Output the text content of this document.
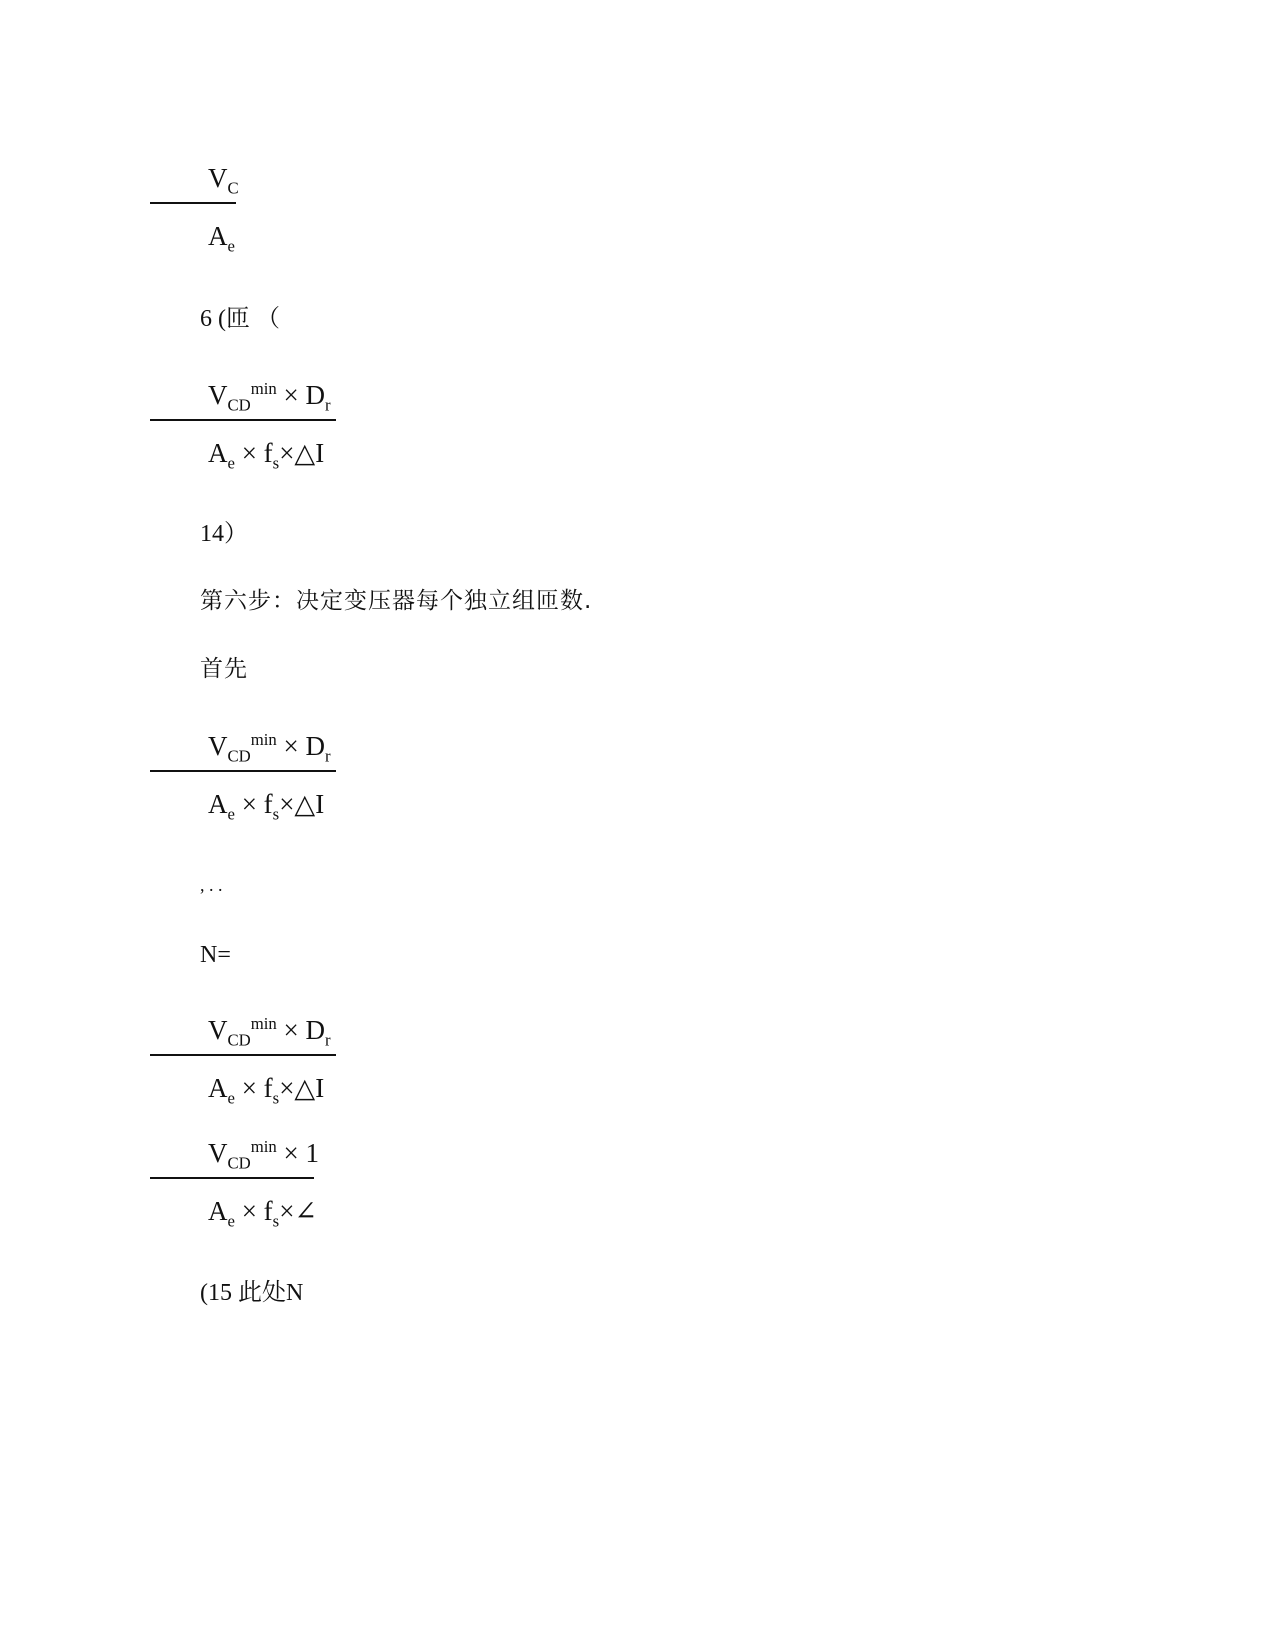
$V_C$
$A_e$
6 (匝 （
$V_{CD}^{min} \times D_r$
$A_e$ × $f_s\times\triangle I$
14）
第六步：决定变压器每个独立组匝数.
首先
$V_{CD}^{min} \times D_r$
$A_e$ × $f_s\times\triangle I$
, . .
N=
$V_{CD}^{min} \times D_r$
$A_e$ × $f_s\times\triangle I$
$V_{CD}^{min} \times 1$
$A_e$ × $f_s\times\angle$
(15 此处N
